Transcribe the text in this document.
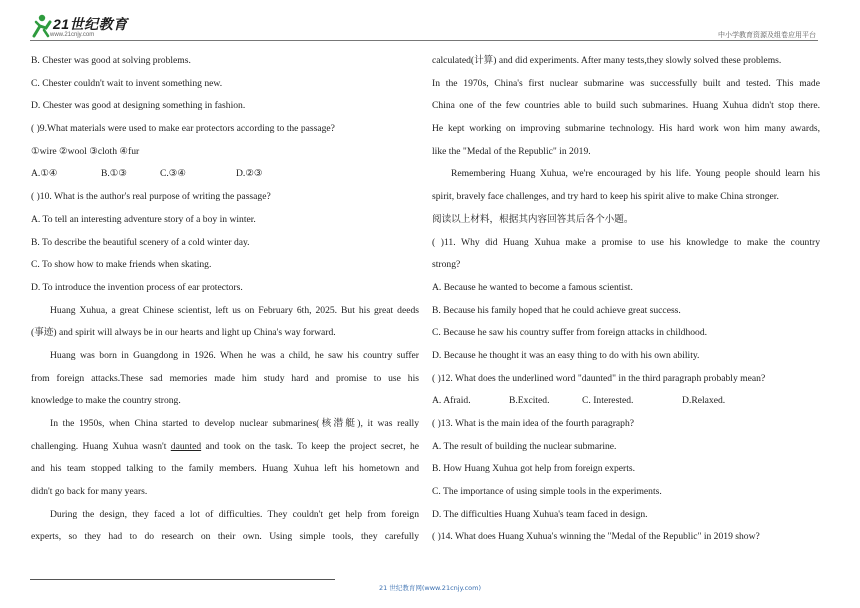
21世纪教育
www.21cnjy.com	中小学教育资源及组卷应用平台
B. Chester was good at solving problems.
C. Chester couldn't wait to invent something new.
D. Chester was good at designing something in fashion.
( )9.What materials were used to make ear protectors according to the passage?
①wire ②wool ③cloth ④fur
A.①④	B.①③	C.③④	D.②③
( )10. What is the author's real purpose of writing the passage?
A. To tell an interesting adventure story of a boy in winter.
B. To describe the beautiful scenery of a cold winter day.
C. To show how to make friends when skating.
D. To introduce the invention process of ear protectors.
Huang Xuhua, a great Chinese scientist, left us on February 6th, 2025. But his great deeds
(事迹) and spirit will always be in our hearts and light up China's way forward.
Huang was born in Guangdong in 1926. When he was a child, he saw his country suffer
from foreign attacks.These sad memories made him study hard and promise to use his
knowledge to make the country strong.
In the 1950s, when China started to develop nuclear submarines(核潜艇), it was really
challenging. Huang Xuhua wasn't daunted and took on the task. To keep the project secret, he
and his team stopped talking to the family members. Huang Xuhua left his hometown and
didn't go back for many years.
During the design, they faced a lot of difficulties. They couldn't get help from foreign
experts, so they had to do research on their own. Using simple tools, they carefully
calculated(计算) and did experiments. After many tests,they slowly solved these problems.
In the 1970s, China's first nuclear submarine was successfully built and tested. This made
China one of the few countries able to build such submarines. Huang Xuhua didn't stop there.
He kept working on improving submarine technology. His hard work won him many awards,
like the "Medal of the Republic" in 2019.
Remembering Huang Xuhua, we're encouraged by his life. Young people should learn his
spirit, bravely face challenges, and try hard to keep his spirit alive to make China stronger.
阅读以上材料，根据其内容回答其后各个小题。
( )11. Why did Huang Xuhua make a promise to use his knowledge to make the country
strong?
A. Because he wanted to become a famous scientist.
B. Because his family hoped that he could achieve great success.
C. Because he saw his country suffer from foreign attacks in childhood.
D. Because he thought it was an easy thing to do with his own ability.
( )12. What does the underlined word "daunted" in the third paragraph probably mean?
A. Afraid.	B.Excited.	C. Interested.	D.Relaxed.
( )13. What is the main idea of the fourth paragraph?
A. The result of building the nuclear submarine.
B. How Huang Xuhua got help from foreign experts.
C. The importance of using simple tools in the experiments.
D. The difficulties Huang Xuhua's team faced in design.
( )14. What does Huang Xuhua's winning the "Medal of the Republic" in 2019 show?
21 世纪教育网(www.21cnjy.com)
